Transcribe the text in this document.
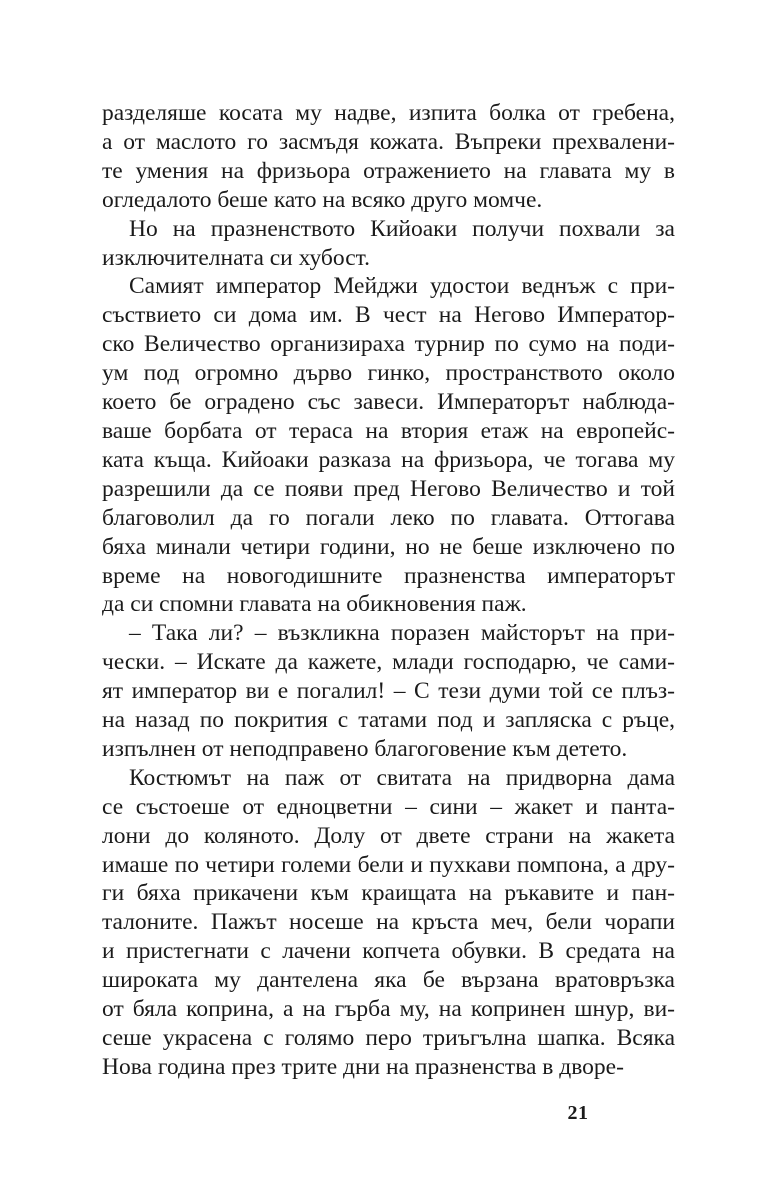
разделяше косата му надве, изпита болка от гребена,
а от маслото го засмъдя кожата. Въпреки прехвалени-
те умения на фризьора отражението на главата му в
огледалото беше като на всяко друго момче.
Но на празненството Кийоаки получи похвали за
изключителната си хубост.
Самият император Мейджи удостои веднъж с при-
съствието си дома им. В чест на Негово Император-
ско Величество организираха турнир по сумо на поди-
ум под огромно дърво гинко, пространството около
което бе оградено със завеси. Императорът наблюда-
ваше борбата от тераса на втория етаж на европейс-
ката къща. Кийоаки разказа на фризьора, че тогава му
разрешили да се появи пред Негово Величество и той
благоволил да го погали леко по главата. Оттогава
бяха минали четири години, но не беше изключено по
време на новогодишните празненства императорът
да си спомни главата на обикновения паж.
– Така ли? – възкликна поразен майсторът на при-
чески. – Искате да кажете, млади господарю, че сами-
ят император ви е погалил! – С тези думи той се плъз-
на назад по покрития с татами под и запляска с ръце,
изпълнен от неподправено благоговение към детето.
Костюмът на паж от свитата на придворна дама
се състоеше от едноцветни – сини – жакет и панта-
лони до коляното. Долу от двете страни на жакета
имаше по четири големи бели и пухкави помпона, а дру-
ги бяха прикачени към краищата на ръкавите и пан-
талоните. Пажът носеше на кръста меч, бели чорапи
и пристегнати с лачени копчета обувки. В средата на
широката му дантелена яка бе вързана вратовръзка
от бяла коприна, а на гърба му, на копринен шнур, ви-
сеше украсена с голямо перо триъгълна шапка. Всяка
Нова година през трите дни на празненства в дворе-
21
